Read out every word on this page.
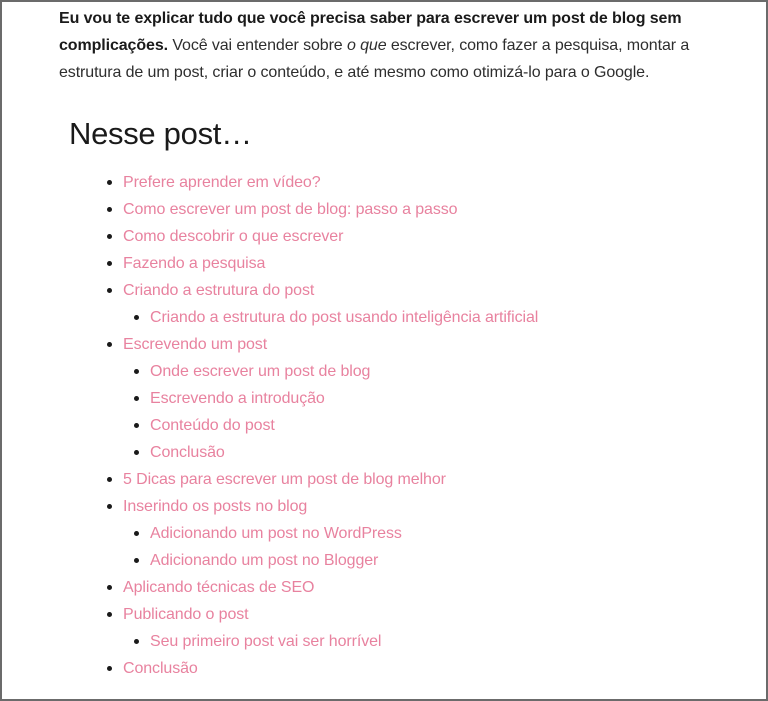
Eu vou te explicar tudo que você precisa saber para escrever um post de blog sem complicações. Você vai entender sobre o que escrever, como fazer a pesquisa, montar a estrutura de um post, criar o conteúdo, e até mesmo como otimizá-lo para o Google.

Nesse post…
Prefere aprender em vídeo?
Como escrever um post de blog: passo a passo
Como descobrir o que escrever
Fazendo a pesquisa
Criando a estrutura do post
Criando a estrutura do post usando inteligência artificial
Escrevendo um post
Onde escrever um post de blog
Escrevendo a introdução
Conteúdo do post
Conclusão
5 Dicas para escrever um post de blog melhor
Inserindo os posts no blog
Adicionando um post no WordPress
Adicionando um post no Blogger
Aplicando técnicas de SEO
Publicando o post
Seu primeiro post vai ser horrível
Conclusão
